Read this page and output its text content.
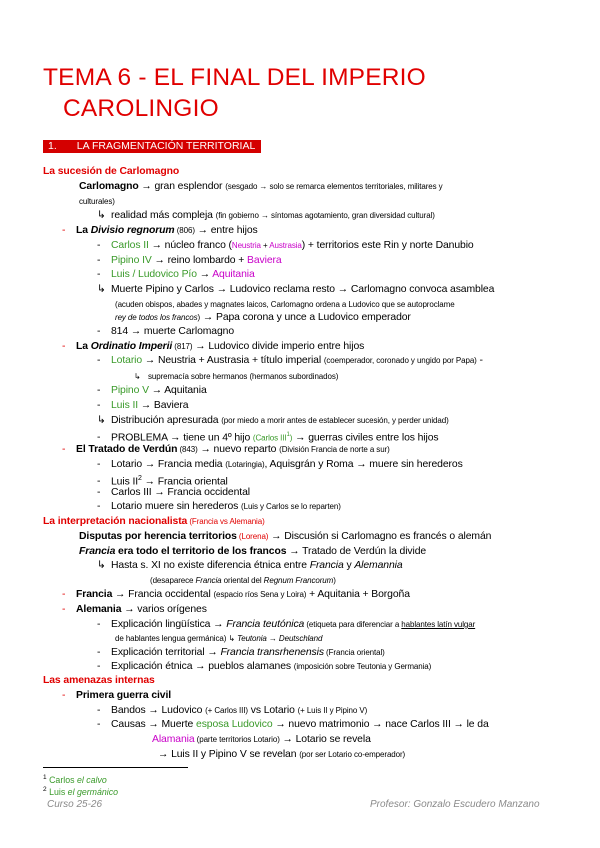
TEMA 6 - EL FINAL DEL IMPERIO
CAROLINGIO
1. LA FRAGMENTACIÓN TERRITORIAL
La sucesión de Carlomagno
Carlomagno → gran esplendor (sesgado → solo se remarca elementos territoriales, militares y
culturales)
↳ realidad más compleja (fin gobierno → síntomas agotamiento, gran diversidad cultural)
- La Divisio regnorum (806) → entre hijos
- Carlos II → núcleo franco (Neustria + Austrasia) + territorios este Rin y norte Danubio
- Pipino IV → reino lombardo + Baviera
- Luis / Ludovico Pío → Aquitania
↳ Muerte Pipino y Carlos → Ludovico reclama resto → Carlomagno convoca asamblea
(acuden obispos, abades y magnates laicos, Carlomagno ordena a Ludovico que se autoproclame
rey de todos los francos) → Papa corona y unce a Ludovico emperador
- 814 → muerte Carlomagno
- La Ordinatio Imperii (817) → Ludovico divide imperio entre hijos
- Lotario → Neustria + Austrasia + título imperial (coemperador, coronado y ungido por Papa) -
↳ supremacía sobre hermanos (hermanos subordinados)
- Pipino V → Aquitania
- Luis II → Baviera
↳ Distribución apresurada (por miedo a morir antes de establecer sucesión, y perder unidad)
- PROBLEMA → tiene un 4º hijo (Carlos $III^1$) → guerras civiles entre los hijos
- El Tratado de Verdún (843) → nuevo reparto (División Francia de norte a sur)
- Lotario → Francia media (Lotaringia), Aquisgrán y Roma → muere sin herederos
- Luis $II^2$ → Francia oriental
- Carlos III → Francia occidental
- Lotario muere sin herederos (Luis y Carlos se lo reparten)
La interpretación nacionalista (Francia vs Alemania)
Disputas por herencia territorios (Lorena) → Discusión si Carlomagno es francés o alemán
Francia era todo el territorio de los francos → Tratado de Verdún la divide
↳ Hasta s. XI no existe diferencia étnica entre Francia y Alemannia
(desaparece Francia oriental del Regnum Francorum)
- Francia → Francia occidental (espacio ríos Sena y Loira) + Aquitania + Borgoña
- Alemania → varios orígenes
- Explicación lingüística → Francia teutónica (etiqueta para diferenciar a hablantes latín vulgar
de hablantes lengua germánica) ↳ Teutonia → Deutschland
- Explicación territorial → Francia transrhenensis (Francia oriental)
- Explicación étnica → pueblos alamanes (imposición sobre Teutonia y Germania)
Las amenazas internas
- Primera guerra civil
- Bandos → Ludovico (+ Carlos III) vs Lotario (+ Luis II y Pipino V)
- Causas → Muerte esposa Ludovico → nuevo matrimonio → nace Carlos III → le da
Alamania (parte territorios Lotario) → Lotario se revela
→ Luis II y Pipino V se revelan (por ser Lotario co-emperador)
$^1$ Carlos el calvo
$^2$ Luis el germánico
Curso 25-26	Profesor: Gonzalo Escudero Manzano
